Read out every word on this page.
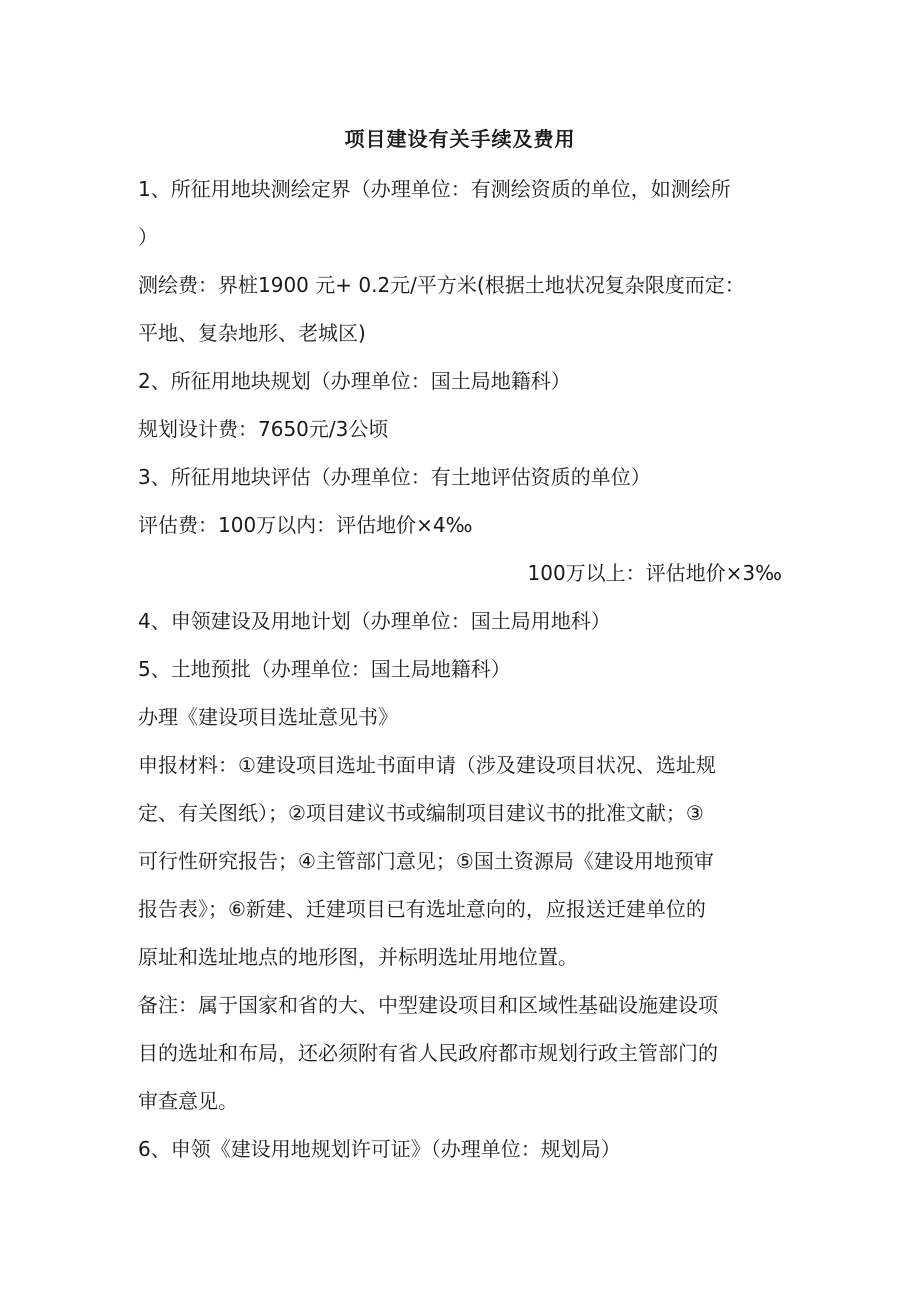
项目建设有关手续及费用

1、所征用地块测绘定界（办理单位：有测绘资质的单位，如测绘所

）

测绘费：界桩1900 元+ 0.2元/平方米(根据土地状况复杂限度而定：

平地、复杂地形、老城区)

2、所征用地块规划（办理单位：国土局地籍科）

规划设计费：7650元/3公顷

3、所征用地块评估（办理单位：有土地评估资质的单位）

评估费：100万以内：评估地价×4‰

100万以上：评估地价×3‰

4、申领建设及用地计划（办理单位：国土局用地科）

5、土地预批（办理单位：国土局地籍科）

办理《建设项目选址意见书》

申报材料：①建设项目选址书面申请（涉及建设项目状况、选址规

定、有关图纸）；②项目建议书或编制项目建议书的批准文献；③

可行性研究报告；④主管部门意见；⑤国土资源局《建设用地预审

报告表》；⑥新建、迁建项目已有选址意向的，应报送迁建单位的

原址和选址地点的地形图，并标明选址用地位置。

备注：属于国家和省的大、中型建设项目和区域性基础设施建设项

目的选址和布局，还必须附有省人民政府都市规划行政主管部门的

审查意见。

6、申领《建设用地规划许可证》（办理单位：规划局）
